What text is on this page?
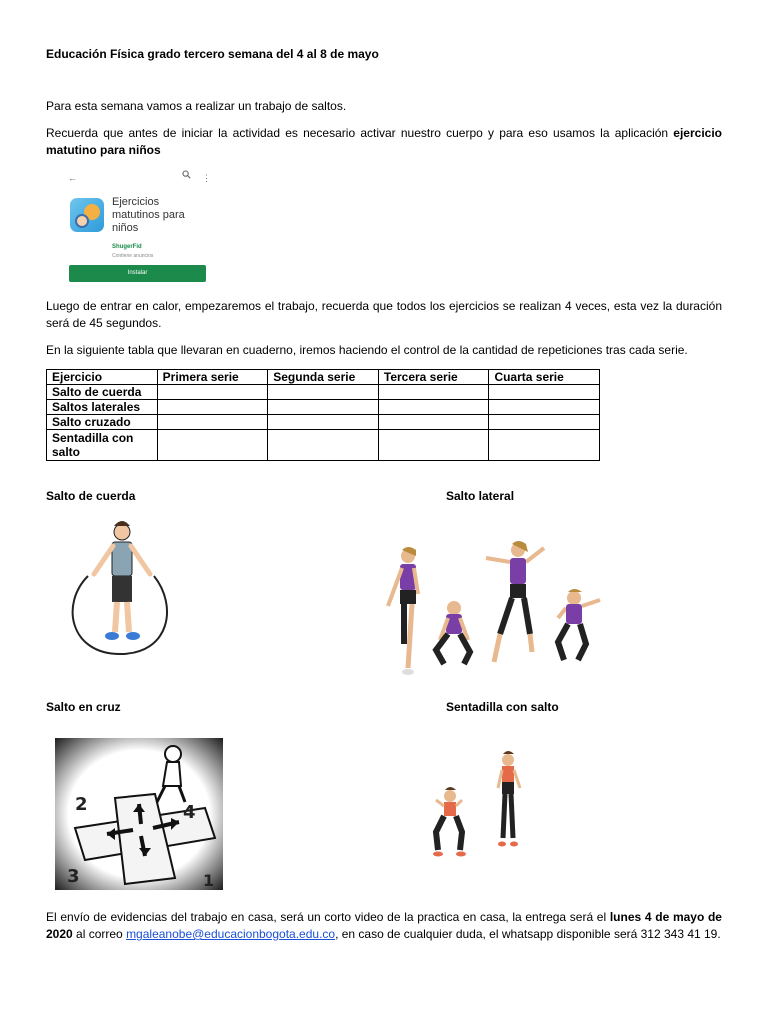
Educación Física grado tercero semana del 4 al 8 de mayo
Para esta semana vamos a realizar un trabajo de saltos.
Recuerda que antes de iniciar la actividad es necesario activar nuestro cuerpo y para eso usamos la aplicación ejercicio matutino para niños
←	⋮
Ejercicios matutinos para niños
ShugerFid
Contiene anuncios
Instalar
Luego de entrar en calor, empezaremos el trabajo, recuerda que todos los ejercicios se realizan 4 veces, esta vez la duración será de 45 segundos.
En la siguiente tabla que llevaran en cuaderno, iremos haciendo el control de la cantidad de repeticiones tras cada serie.
Ejercicio	Primera serie	Segunda serie	Tercera serie	Cuarta serie
Salto de cuerda				
Saltos laterales				
Salto cruzado				
Sentadilla con salto				
Salto de cuerda	Salto lateral
Salto en cruz	Sentadilla con salto
2	4
3	1
El envío de evidencias del trabajo en casa, será un corto video de la practica en casa, la entrega será el lunes 4 de mayo de 2020 al correo mgaleanobe@educacionbogota.edu.co, en caso de cualquier duda, el whatsapp disponible será 312 343 41 19.
